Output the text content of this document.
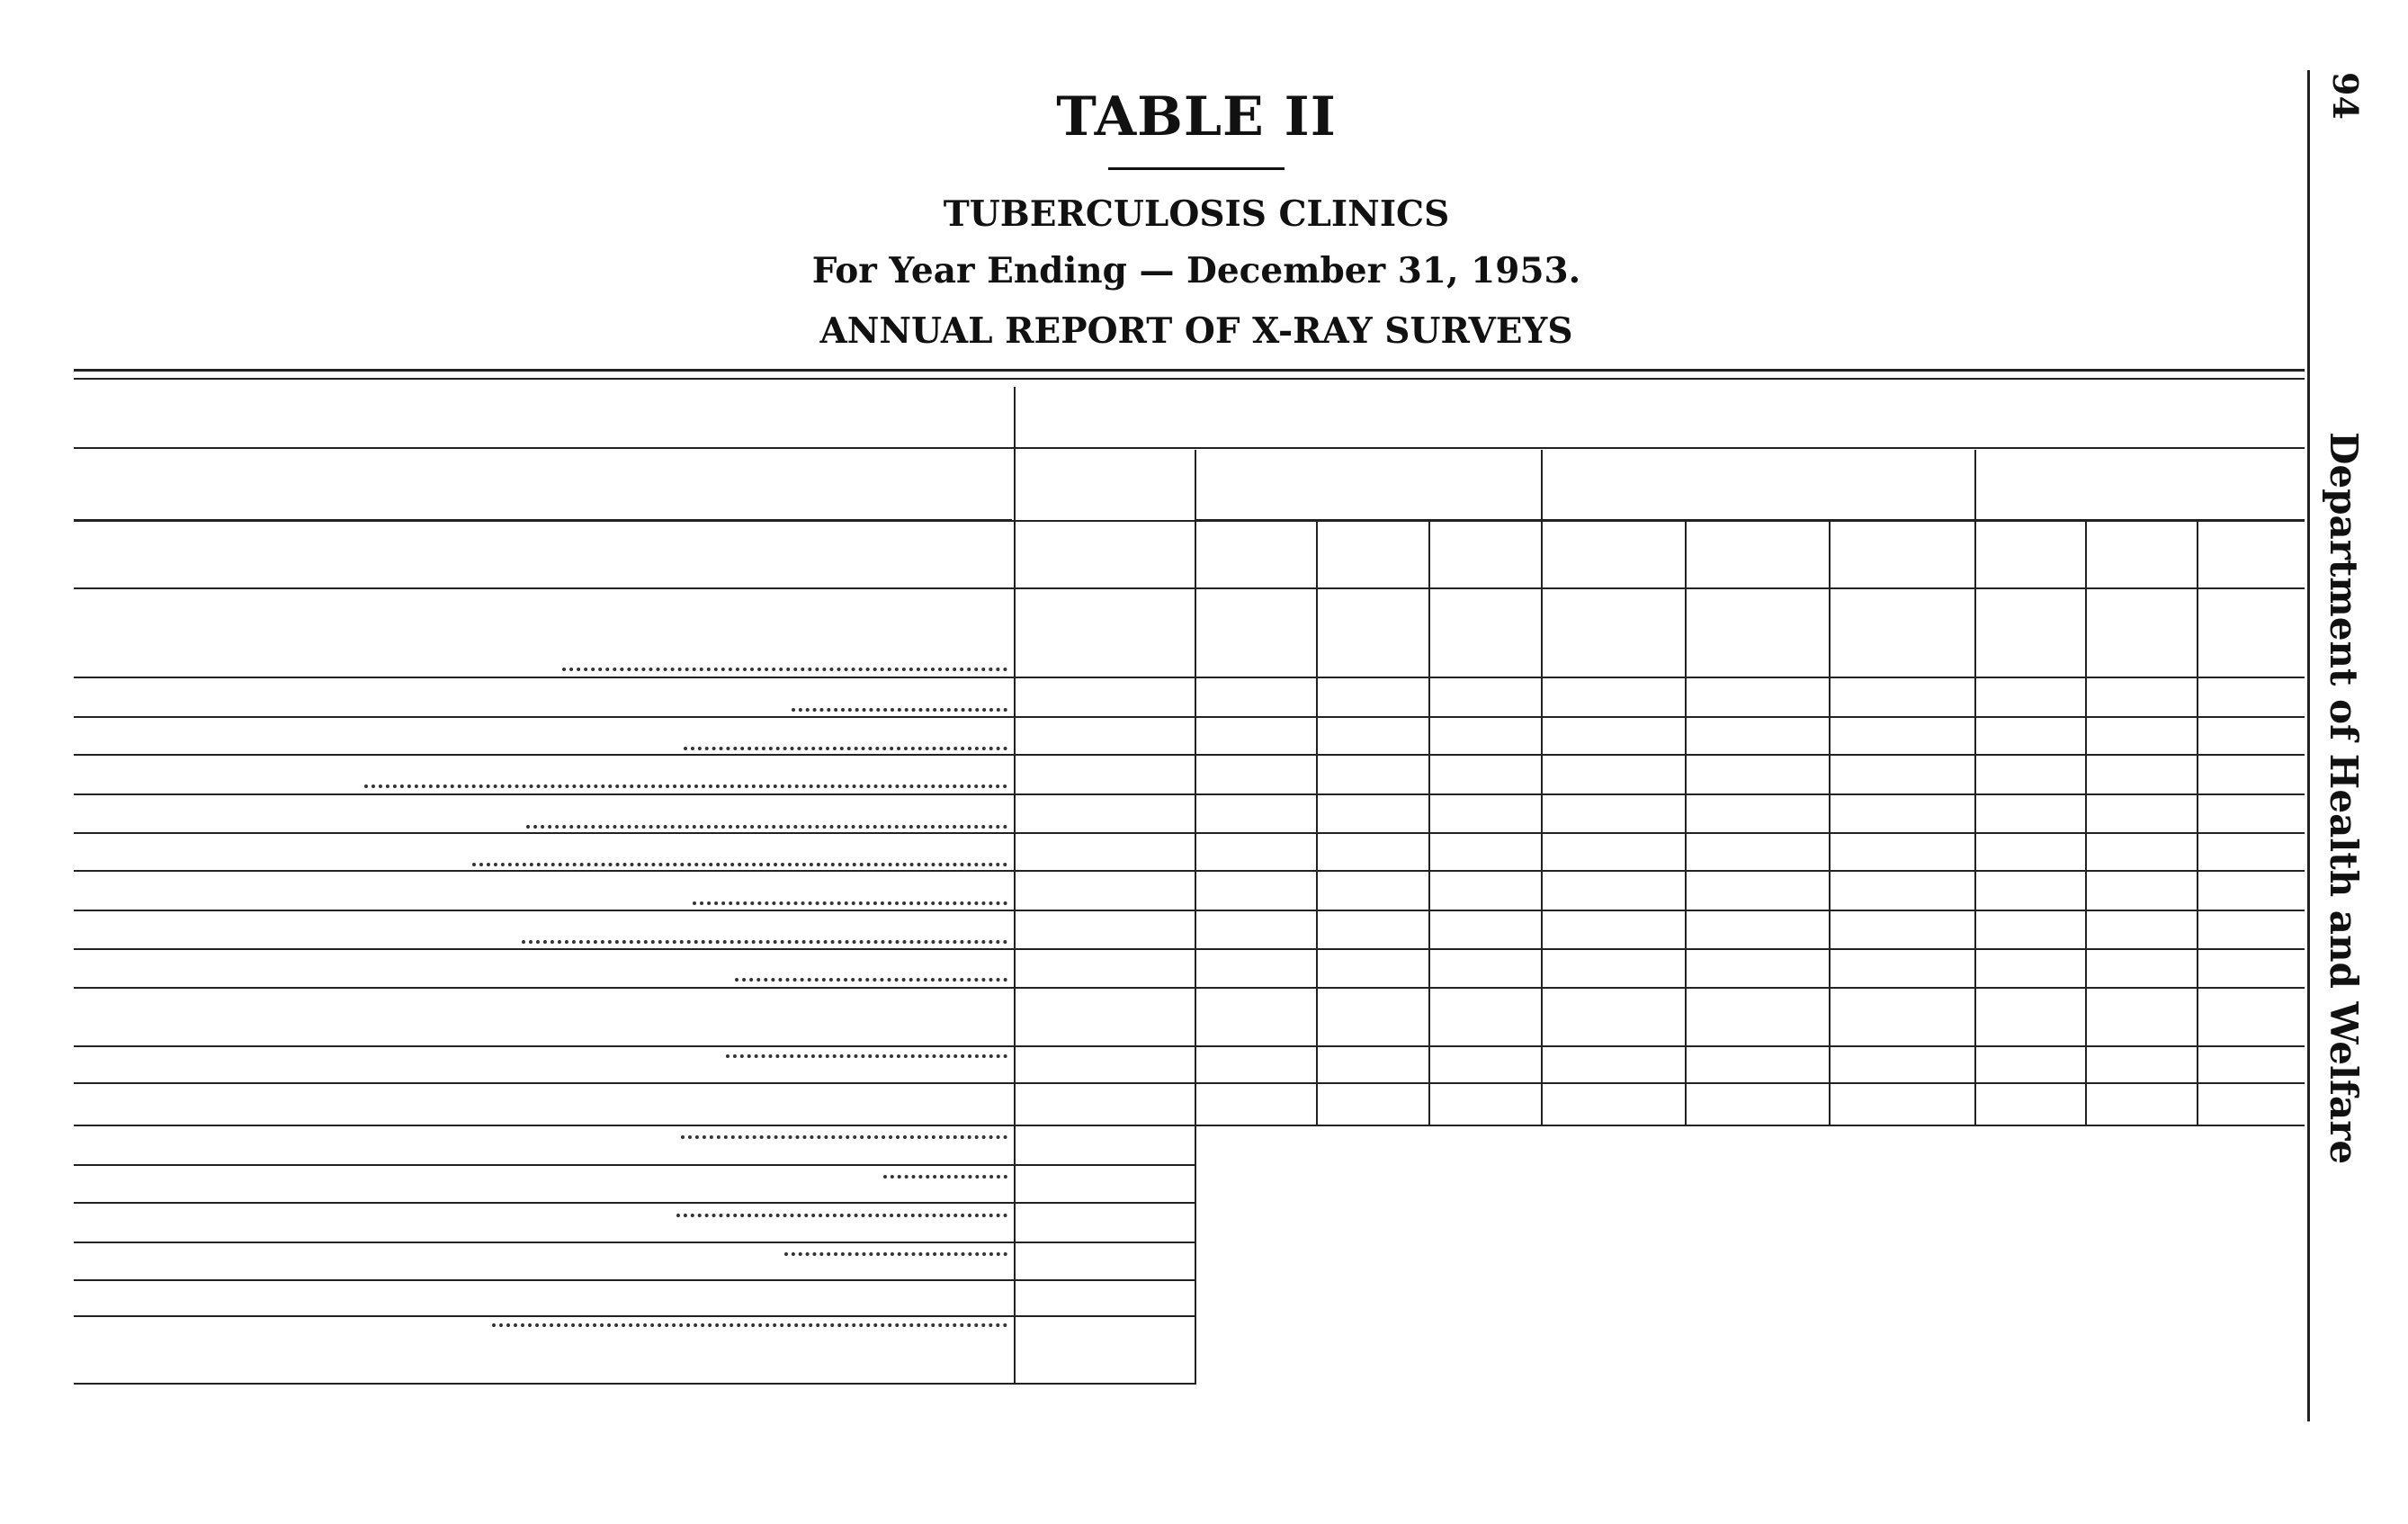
TABLE II
TUBERCULOSIS CLINICS
For Year Ending — December 31, 1953.
ANNUAL REPORT OF X-RAY SURVEYS
94
Department of Health and Welfare
